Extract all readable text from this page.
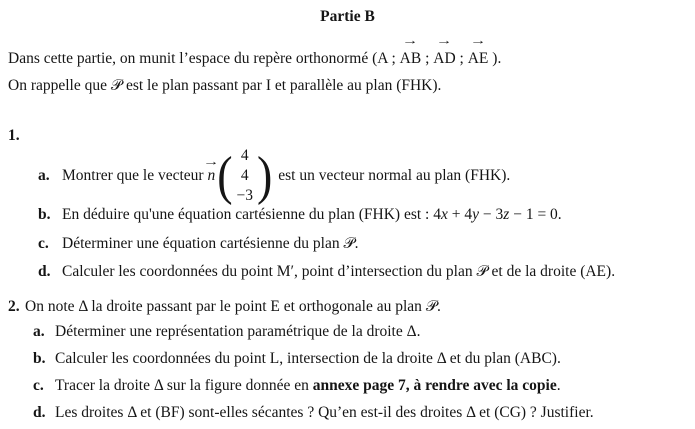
Partie B
Dans cette partie, on munit l’espace du repère orthonormé (A ; AB → ; AD → ; AE → ).
On rappelle que 𝒫 est le plan passant par I et parallèle au plan (FHK).
1.
a. Montrer que le vecteur n →
( 4
4
−3
) est un vecteur normal au plan (FHK).
b. En déduire qu'une équation cartésienne du plan (FHK) est : 4x + 4y − 3z − 1 = 0.
c. Déterminer une équation cartésienne du plan 𝒫.
d. Calculer les coordonnées du point M′, point d’intersection du plan 𝒫 et de la droite (AE).
2. On note Δ la droite passant par le point E et orthogonale au plan 𝒫.
a. Déterminer une représentation paramétrique de la droite Δ.
b. Calculer les coordonnées du point L, intersection de la droite Δ et du plan (ABC).
c. Tracer la droite Δ sur la figure donnée en annexe page 7, à rendre avec la copie.
d. Les droites Δ et (BF) sont-elles sécantes ? Qu’en est-il des droites Δ et (CG) ? Justifier.
